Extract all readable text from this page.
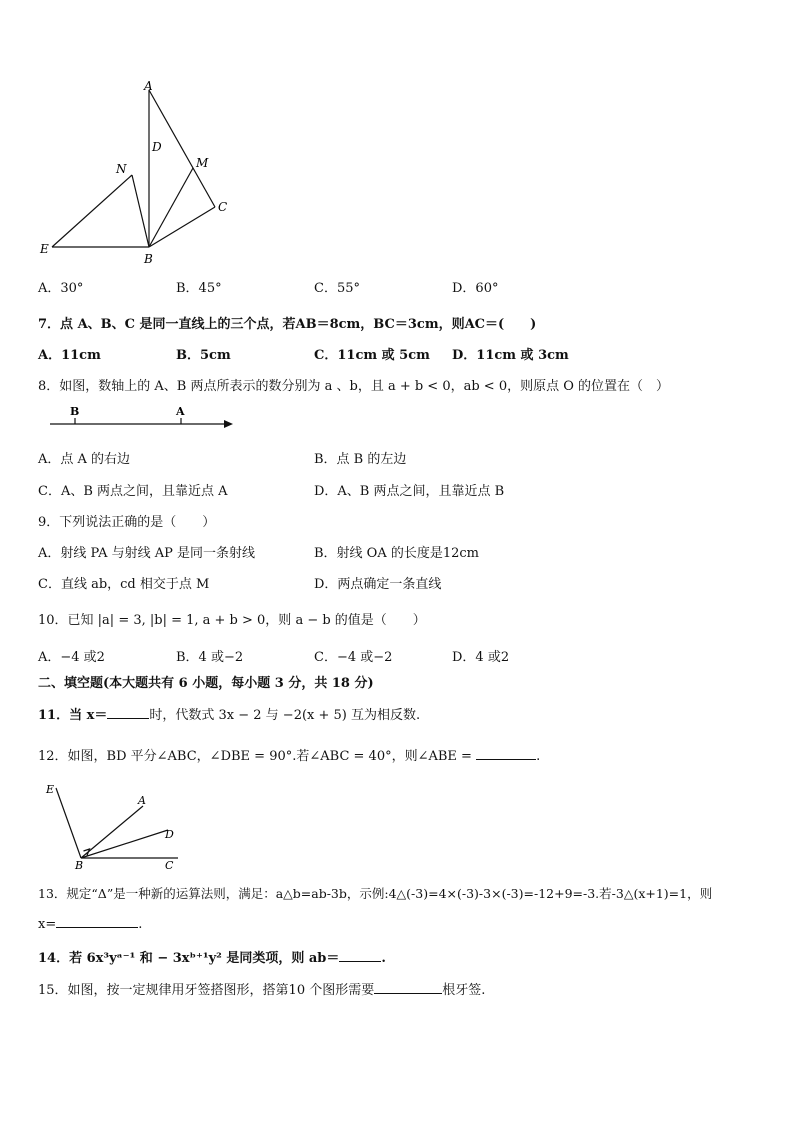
A
D
N	M
C
E
B
A．30°	B．45°	C．55°	D．60°
7．点 A、B、C 是同一直线上的三个点，若AB＝8cm，BC＝3cm，则AC＝(　　)
A．11cm	B．5cm	C．11cm 或 5cm D．11cm 或 3cm
8．如图，数轴上的 A、B 两点所表示的数分别为 a 、b，且 a + b < 0，ab < 0，则原点 O 的位置在（　）
B	A
A．点 A 的右边	B．点 B 的左边
C．A、B 两点之间，且靠近点 A	D．A、B 两点之间，且靠近点 B
9．下列说法正确的是（　　）
A．射线 PA 与射线 AP 是同一条射线	B．射线 OA 的长度是12cm
C．直线 ab，cd 相交于点 M	D．两点确定一条直线
10．已知 |a| = 3, |b| = 1, a + b > 0，则 a − b 的值是（　　）
A．−4 或2	B．4 或−2	C．−4 或−2	D．4 或2
二、填空题(本大题共有 6 小题，每小题 3 分，共 18 分)
11．当 x＝	时，代数式 3x − 2 与 −2(x + 5) 互为相反数.
12．如图，BD 平分∠ABC，∠DBE = 90°.若∠ABC = 40°，则∠ABE =	.
E
A
D
B	C
13．规定“Δ”是一种新的运算法则，满足：a△b=ab-3b，示例:4△(-3)=4×(-3)-3×(-3)=-12+9=-3.若-3△(x+1)=1，则
x=	.
14．若 6x³yᵃ⁻¹ 和 − 3xᵇ⁺¹y² 是同类项，则 ab＝	.
15．如图，按一定规律用牙签搭图形，搭第10 个图形需要	根牙签.
